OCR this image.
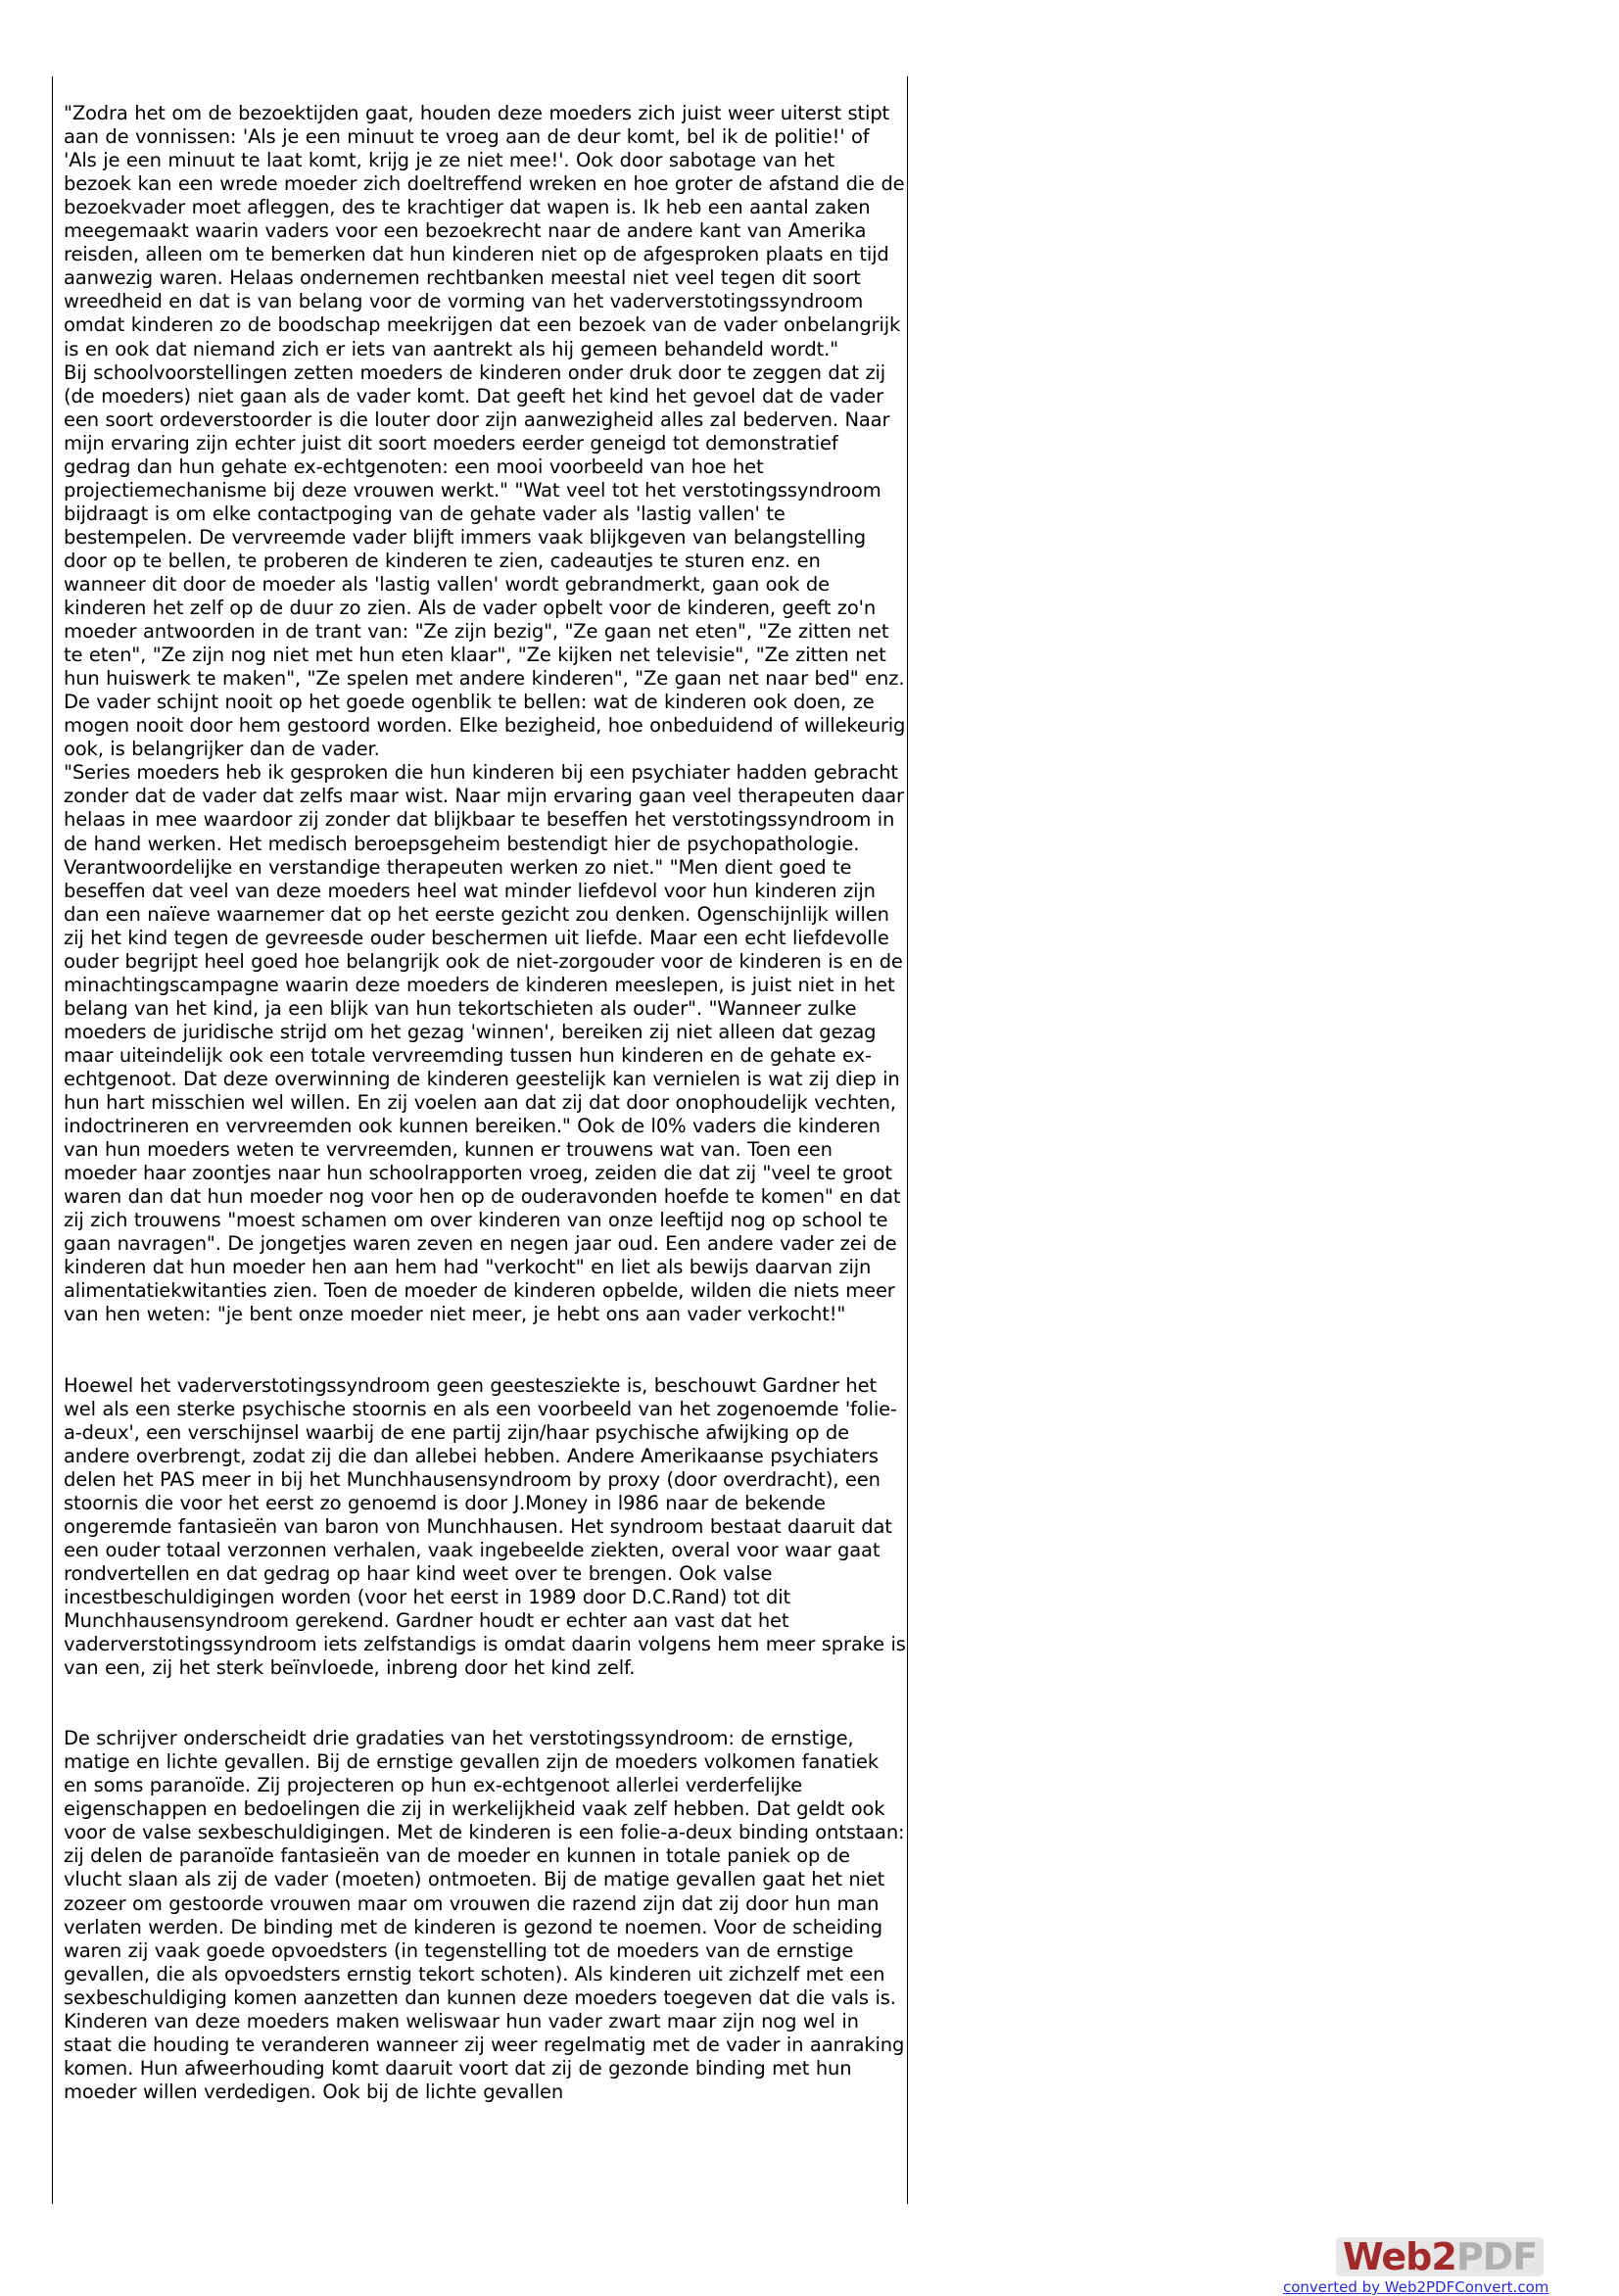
"Zodra het om de bezoektijden gaat, houden deze moeders zich juist weer uiterst stipt aan de vonnissen: 'Als je een minuut te vroeg aan de deur komt, bel ik de politie!' of 'Als je een minuut te laat komt, krijg je ze niet mee!'. Ook door sabotage van het bezoek kan een wrede moeder zich doeltreffend wreken en hoe groter de afstand die de bezoekvader moet afleggen, des te krachtiger dat wapen is. Ik heb een aantal zaken meegemaakt waarin vaders voor een bezoekrecht naar de andere kant van Amerika reisden, alleen om te bemerken dat hun kinderen niet op de afgesproken plaats en tijd aanwezig waren. Helaas ondernemen rechtbanken meestal niet veel tegen dit soort wreedheid en dat is van belang voor de vorming van het vaderverstotingssyndroom omdat kinderen zo de boodschap meekrijgen dat een bezoek van de vader onbelangrijk is en ook dat niemand zich er iets van aantrekt als hij gemeen behandeld wordt."
Bij schoolvoorstellingen zetten moeders de kinderen onder druk door te zeggen dat zij (de moeders) niet gaan als de vader komt. Dat geeft het kind het gevoel dat de vader een soort ordeverstoorder is die louter door zijn aanwezigheid alles zal bederven. Naar mijn ervaring zijn echter juist dit soort moeders eerder geneigd tot demonstratief gedrag dan hun gehate ex-echtgenoten: een mooi voorbeeld van hoe het projectiemechanisme bij deze vrouwen werkt." "Wat veel tot het verstotingssyndroom bijdraagt is om elke contactpoging van de gehate vader als 'lastig vallen' te bestempelen. De vervreemde vader blijft immers vaak blijkgeven van belangstelling door op te bellen, te proberen de kinderen te zien, cadeautjes te sturen enz. en wanneer dit door de moeder als 'lastig vallen' wordt gebrandmerkt, gaan ook de kinderen het zelf op de duur zo zien. Als de vader opbelt voor de kinderen, geeft zo'n moeder antwoorden in de trant van: "Ze zijn bezig", "Ze gaan net eten", "Ze zitten net te eten", "Ze zijn nog niet met hun eten klaar", "Ze kijken net televisie", "Ze zitten net hun huiswerk te maken", "Ze spelen met andere kinderen", "Ze gaan net naar bed" enz. De vader schijnt nooit op het goede ogenblik te bellen: wat de kinderen ook doen, ze mogen nooit door hem gestoord worden. Elke bezigheid, hoe onbeduidend of willekeurig ook, is belangrijker dan de vader.
"Series moeders heb ik gesproken die hun kinderen bij een psychiater hadden gebracht zonder dat de vader dat zelfs maar wist. Naar mijn ervaring gaan veel therapeuten daar helaas in mee waardoor zij zonder dat blijkbaar te beseffen het verstotingssyndroom in de hand werken. Het medisch beroepsgeheim bestendigt hier de psychopathologie. Verantwoordelijke en verstandige therapeuten werken zo niet." "Men dient goed te beseffen dat veel van deze moeders heel wat minder liefdevol voor hun kinderen zijn dan een naïeve waarnemer dat op het eerste gezicht zou denken. Ogenschijnlijk willen zij het kind tegen de gevreesde ouder beschermen uit liefde. Maar een echt liefdevolle ouder begrijpt heel goed hoe belangrijk ook de niet-zorgouder voor de kinderen is en de minachtingscampagne waarin deze moeders de kinderen meeslepen, is juist niet in het belang van het kind, ja een blijk van hun tekortschieten als ouder". "Wanneer zulke moeders de juridische strijd om het gezag 'winnen', bereiken zij niet alleen dat gezag maar uiteindelijk ook een totale vervreemding tussen hun kinderen en de gehate ex-echtgenoot. Dat deze overwinning de kinderen geestelijk kan vernielen is wat zij diep in hun hart misschien wel willen. En zij voelen aan dat zij dat door onophoudelijk vechten, indoctrineren en vervreemden ook kunnen bereiken." Ook de l0% vaders die kinderen van hun moeders weten te vervreemden, kunnen er trouwens wat van. Toen een moeder haar zoontjes naar hun schoolrapporten vroeg, zeiden die dat zij "veel te groot waren dan dat hun moeder nog voor hen op de ouderavonden hoefde te komen" en dat zij zich trouwens "moest schamen om over kinderen van onze leeftijd nog op school te gaan navragen". De jongetjes waren zeven en negen jaar oud. Een andere vader zei de kinderen dat hun moeder hen aan hem had "verkocht" en liet als bewijs daarvan zijn alimentatiekwitanties zien. Toen de moeder de kinderen opbelde, wilden die niets meer van hen weten: "je bent onze moeder niet meer, je hebt ons aan vader verkocht!"

Hoewel het vaderverstotingssyndroom geen geestesziekte is, beschouwt Gardner het wel als een sterke psychische stoornis en als een voorbeeld van het zogenoemde 'folie-a-deux', een verschijnsel waarbij de ene partij zijn/haar psychische afwijking op de andere overbrengt, zodat zij die dan allebei hebben. Andere Amerikaanse psychiaters delen het PAS meer in bij het Munchhausensyndroom by proxy (door overdracht), een stoornis die voor het eerst zo genoemd is door J.Money in l986 naar de bekende ongeremde fantasieën van baron von Munchhausen. Het syndroom bestaat daaruit dat een ouder totaal verzonnen verhalen, vaak ingebeelde ziekten, overal voor waar gaat rondvertellen en dat gedrag op haar kind weet over te brengen. Ook valse incestbeschuldigingen worden (voor het eerst in 1989 door D.C.Rand) tot dit Munchhausensyndroom gerekend. Gardner houdt er echter aan vast dat het vaderverstotingssyndroom iets zelfstandigs is omdat daarin volgens hem meer sprake is van een, zij het sterk beïnvloede, inbreng door het kind zelf.

De schrijver onderscheidt drie gradaties van het verstotingssyndroom: de ernstige, matige en lichte gevallen. Bij de ernstige gevallen zijn de moeders volkomen fanatiek en soms paranoïde. Zij projecteren op hun ex-echtgenoot allerlei verderfelijke eigenschappen en bedoelingen die zij in werkelijkheid vaak zelf hebben. Dat geldt ook voor de valse sexbeschuldigingen. Met de kinderen is een folie-a-deux binding ontstaan: zij delen de paranoïde fantasieën van de moeder en kunnen in totale paniek op de vlucht slaan als zij de vader (moeten) ontmoeten. Bij de matige gevallen gaat het niet zozeer om gestoorde vrouwen maar om vrouwen die razend zijn dat zij door hun man verlaten werden. De binding met de kinderen is gezond te noemen. Voor de scheiding waren zij vaak goede opvoedsters (in tegenstelling tot de moeders van de ernstige gevallen, die als opvoedsters ernstig tekort schoten). Als kinderen uit zichzelf met een sexbeschuldiging komen aanzetten dan kunnen deze moeders toegeven dat die vals is. Kinderen van deze moeders maken weliswaar hun vader zwart maar zijn nog wel in staat die houding te veranderen wanneer zij weer regelmatig met de vader in aanraking komen. Hun afweerhouding komt daaruit voort dat zij de gezonde binding met hun moeder willen verdedigen. Ook bij de lichte gevallen

Web2 PDF
converted by Web2PDFConvert.com
